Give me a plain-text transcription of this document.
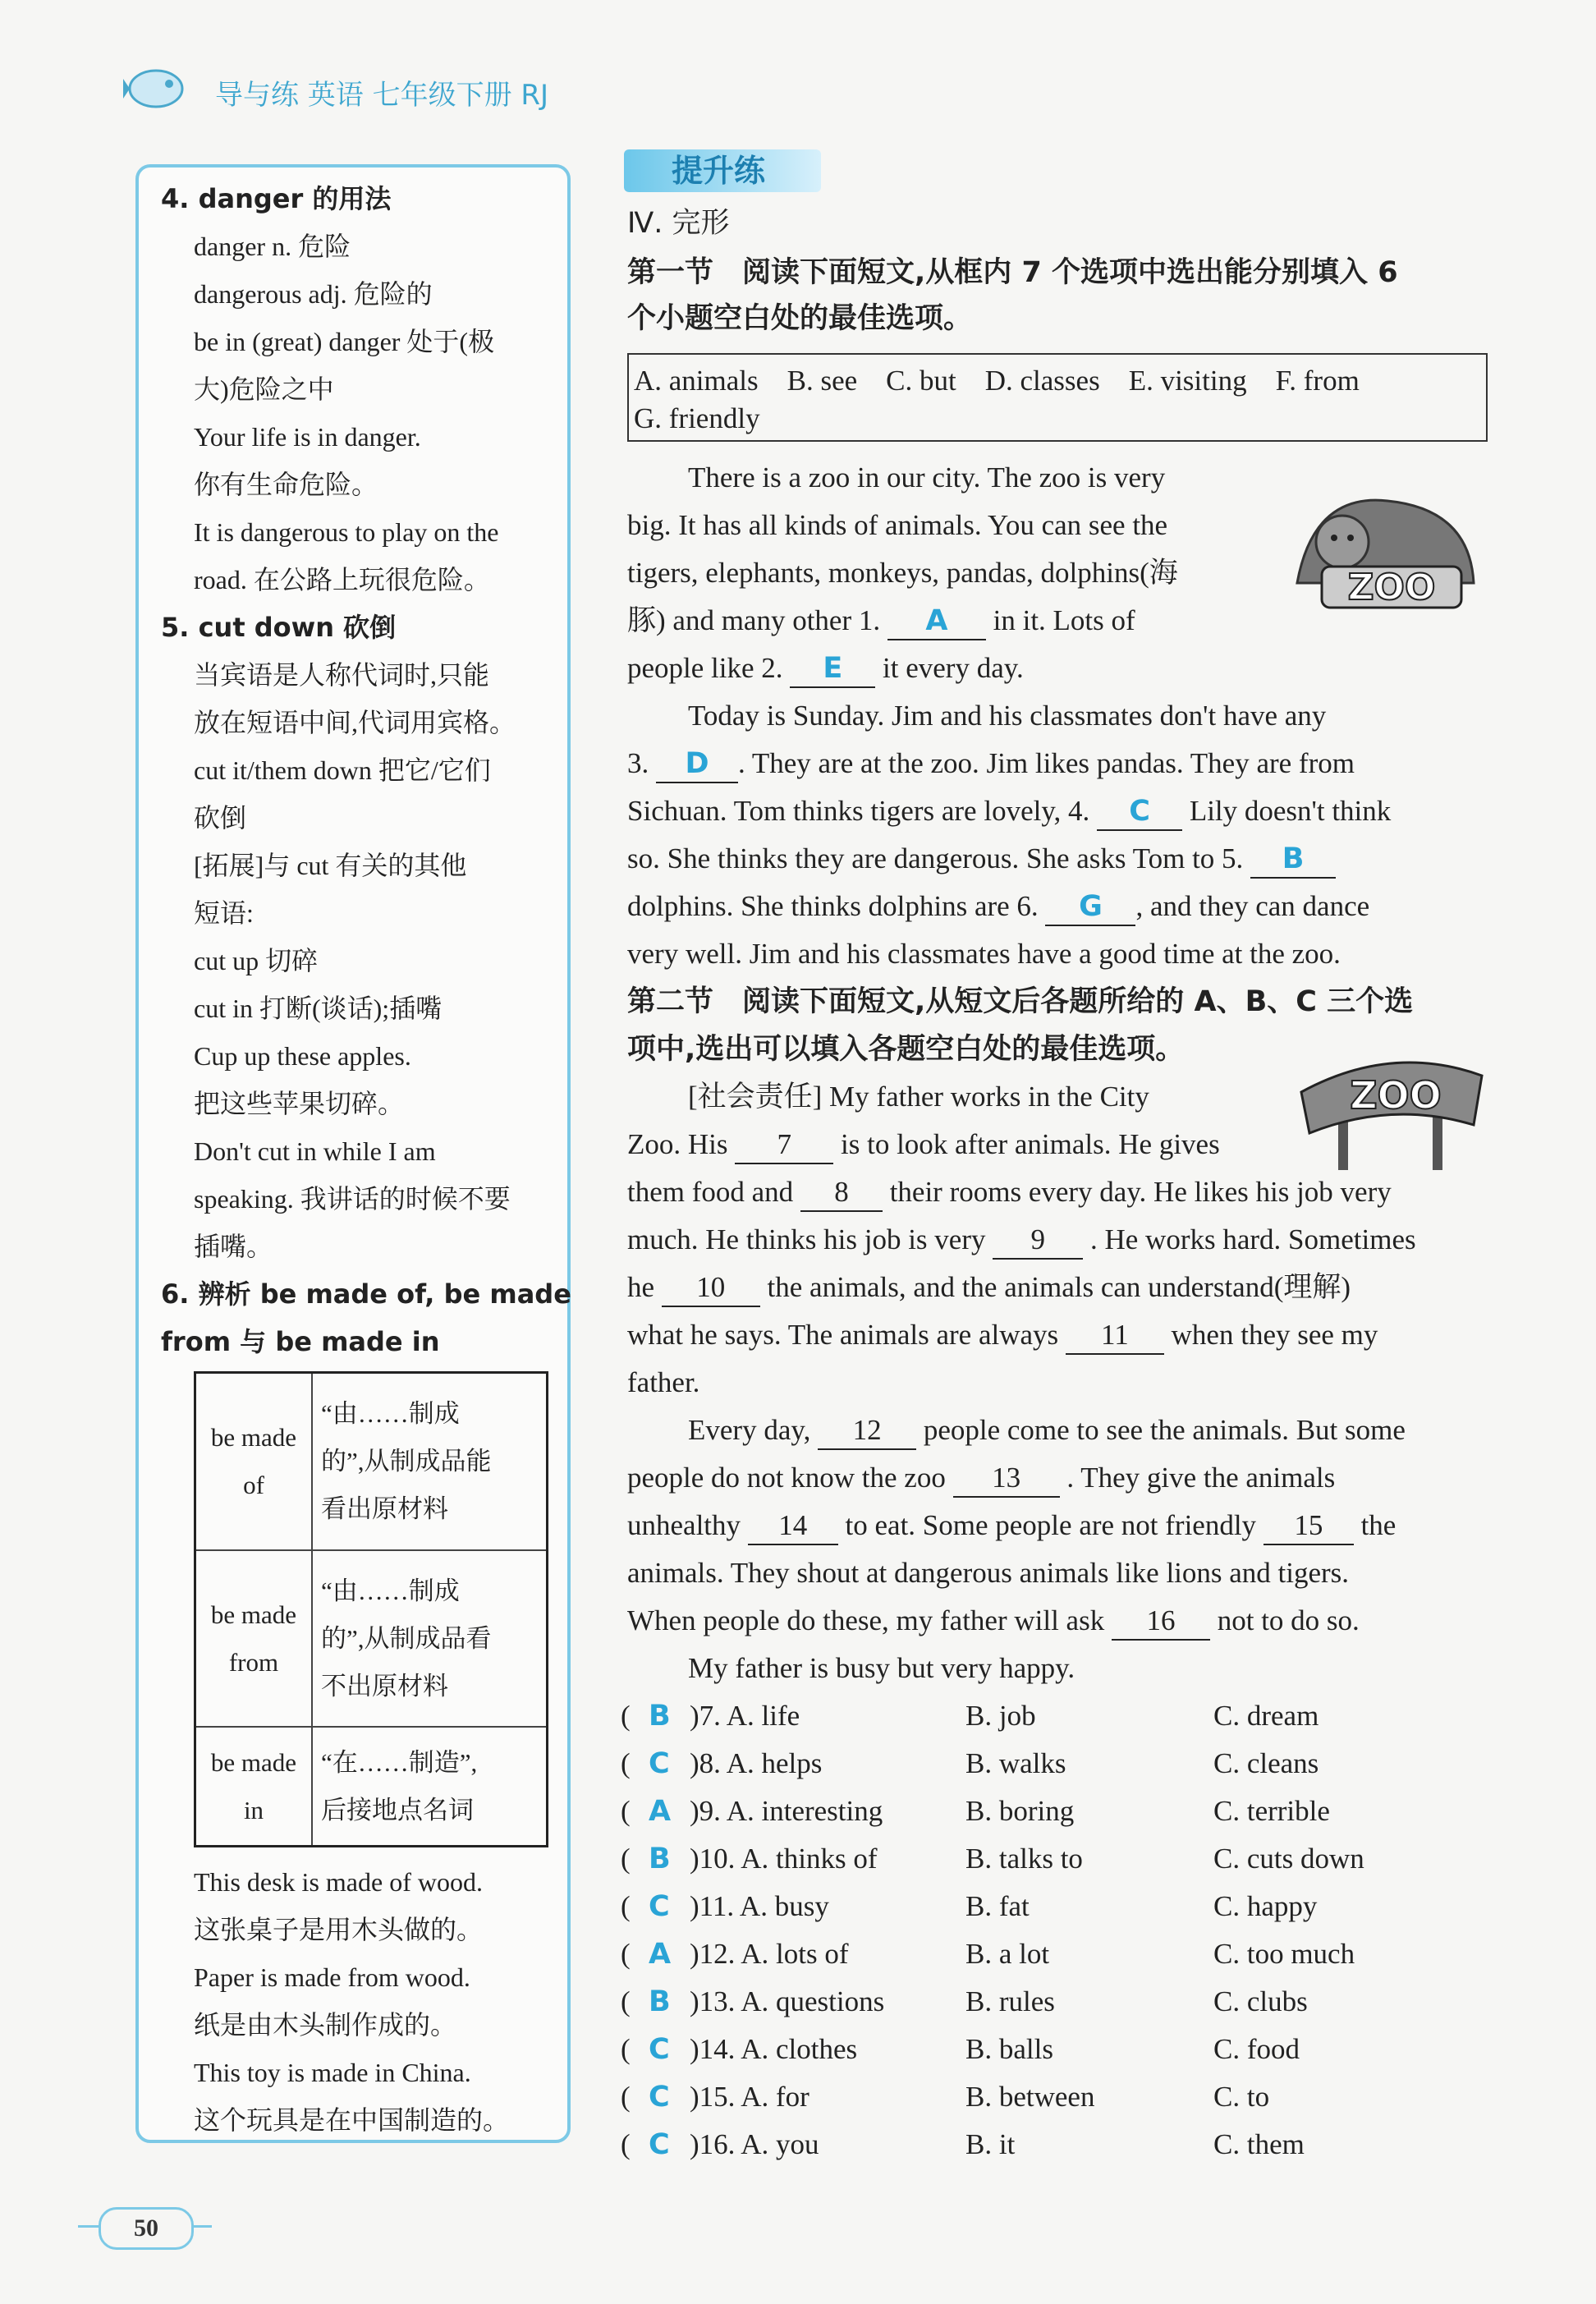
导与练 英语 七年级下册 RJ
4. danger 的用法
danger n. 危险
dangerous adj. 危险的
be in (great) danger 处于(极
大)危险之中
Your life is in danger.
你有生命危险。
It is dangerous to play on the
road. 在公路上玩很危险。
5. cut down 砍倒
当宾语是人称代词时,只能
放在短语中间,代词用宾格。
cut it/them down 把它/它们
砍倒
[拓展]与 cut 有关的其他
短语:
cut up 切碎
cut in 打断(谈话);插嘴
Cup up these apples.
把这些苹果切碎。
Don't cut in while I am
speaking. 我讲话的时候不要
插嘴。
6. 辨析 be made of, be made
from 与 be made in
be made
of	“由……制成
的”,从制成品能
看出原材料
be made
from	“由……制成
的”,从制成品看
不出原材料
be made
in	“在……制造”,
后接地点名词
This desk is made of wood.
这张桌子是用木头做的。
Paper is made from wood.
纸是由木头制作成的。
This toy is made in China.
这个玩具是在中国制造的。
提升练
Ⅳ. 完形
第一节　阅读下面短文,从框内 7 个选项中选出能分别填入 6
个小题空白处的最佳选项。
A. animals　B. see　C. but　D. classes　E. visiting　F. from
G. friendly
ZOO
There is a zoo in our city. The zoo is very
big. It has all kinds of animals. You can see the
tigers, elephants, monkeys, pandas, dolphins(海
豚) and many other 1. A in it. Lots of
people like 2. E it every day.
Today is Sunday. Jim and his classmates don't have any
3. D . They are at the zoo. Jim likes pandas. They are from
Sichuan. Tom thinks tigers are lovely, 4. C Lily doesn't think
so. She thinks they are dangerous. She asks Tom to 5. B
dolphins. She thinks dolphins are 6. G , and they can dance
very well. Jim and his classmates have a good time at the zoo.
第二节　阅读下面短文,从短文后各题所给的 A、B、C 三个选
项中,选出可以填入各题空白处的最佳选项。
ZOO
[社会责任] My father works in the City
Zoo. His 7 is to look after animals. He gives
them food and 8 their rooms every day. He likes his job very
much. He thinks his job is very 9 . He works hard. Sometimes
he 10 the animals, and the animals can understand(理解)
what he says. The animals are always 11 when they see my
father.
Every day, 12 people come to see the animals. But some
people do not know the zoo 13 . They give the animals
unhealthy 14 to eat. Some people are not friendly 15 the
animals. They shout at dangerous animals like lions and tigers.
When people do these, my father will ask 16 not to do so.
My father is busy but very happy.
( B )7. A. life	B. job	C. dream
( C )8. A. helps	B. walks	C. cleans
( A )9. A. interesting	B. boring	C. terrible
( B )10. A. thinks of	B. talks to	C. cuts down
( C )11. A. busy	B. fat	C. happy
( A )12. A. lots of	B. a lot	C. too much
( B )13. A. questions	B. rules	C. clubs
( C )14. A. clothes	B. balls	C. food
( C )15. A. for	B. between	C. to
( C )16. A. you	B. it	C. them
50
